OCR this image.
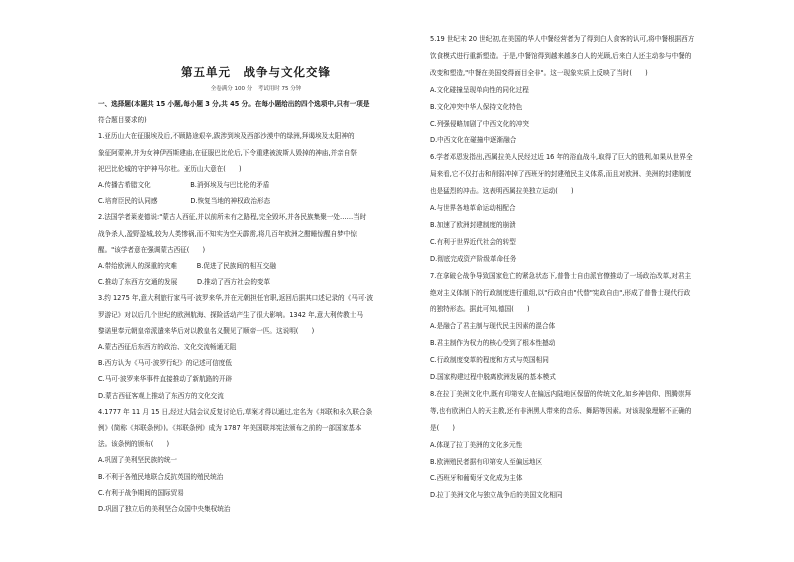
第五单元　战争与文化交锋
全卷满分 100 分　考试用时 75 分钟
一、选择题(本题共 15 小题,每小题 3 分,共 45 分。在每小题给出的四个选项中,只有一项是
符合题目要求的)
1.亚历山大在征服埃及后,不顾路途艰辛,跋涉到埃及西部沙漠中的绿洲,拜谒埃及太阳神的
象征阿蒙神,并为女神伊西斯建庙,在征服巴比伦后,下令重建被波斯人毁掉的神庙,并亲自祭
祀巴比伦城的守护神马尔杜。亚历山大意在(　　)
A.传播古希腊文化　　　　　　B.消弭埃及与巴比伦的矛盾
C.培育臣民的认同感　　　　　D.恢复当地的神权政治形态
2.法国学者莱麦德说:"蒙古人西征,并以前所未有之路程,完全毁坏,并各民族集聚一处……当时
战争杀人,盈野盈城,较为人类惨祸,而不知实为空天霹雳,将几百年欧洲之酣睡惊醒自梦中惊
醒。"该学者意在强调蒙古西征(　　)
A.带给欧洲人的深重的灾难　　　B.促进了民族间的相互交融
C.推动了东西方交通的发展　　　D.推动了西方社会的变革
3.约 1275 年,意大利旅行家马可·波罗来华,并在元朝担任官职,返回后据其口述记录的《马可·波
罗游记》对以后几个世纪的欧洲航海、探险活动产生了很大影响。1342 年,意大利传教士马
黎诺里奉元朝皇帝派遣来华后对以教皇名义觐见了顺帝一匹。这说明(　　)
A.蒙古西征后东西方的政治、文化交流畅通无阻
B.西方认为《马可·波罗行纪》的记述可信度低
C.马可·波罗来华事件直接推动了新航路的开辟
D.蒙古西征客观上推动了东西方的文化交流
4.1777 年 11 月 15 日,经过大陆会议反复讨论后,草案才得以通过,定名为《邦联和永久联合条
例》(简称《邦联条例》)。《邦联条例》成为 1787 年美国联邦宪法颁布之前的一部国家基本
法。该条例的颁布(　　)
A.巩固了美利坚民族的统一
B.不利于各殖民地联合反抗英国的殖民统治
C.有利于战争期间的国际贸易
D.巩固了独立后的美利坚合众国中央集权统治
5.19 世纪末 20 世纪初,在美国的华人中餐经营者为了得到白人食客的认可,将中餐根据西方
饮食模式进行重新塑造。于是,中餐馆得到越来越多白人的光顾,后来白人还主动参与中餐的
改变和塑造,"中餐在美国变得面目全非"。这一现象实质上反映了当时(　　)
A.文化碰撞呈现单向性的同化过程
B.文化冲突中华人保持文化特色
C.列强侵略加剧了中西文化的冲突
D.中西文化在碰撞中逐渐融合
6.学者邓恩发指出,西属拉美人民经过近 16 年的浴血战斗,取得了巨大的胜利,如果从世界全
局来看,它不仅打击和削弱冲掉了西班牙的封建殖民主义体系,而且对欧洲、美洲的封建制度
也是猛烈的冲击。这表明西属拉美独立运动(　　)
A.与世界各地革命运动相配合
B.加速了欧洲封建制度的崩溃
C.有利于世界近代社会的转型
D.彻底完成资产阶级革命任务
7.在拿破仑战争导致国家危亡的紧急状态下,普鲁士自由派官僚推动了一场政治改革,对君主
绝对主义体制下的行政制度进行重组,以"行政自由"代替"宪政自由",形成了普鲁士现代行政
的独特形态。据此可知,德国(　　)
A.是融合了君主制与现代民主因素的混合体
B.君主制作为权力的核心受到了根本性撼动
C.行政制度变革的程度和方式与英国相同
D.国家构建过程中脱离欧洲发展的基本模式
8.在拉丁美洲文化中,既有印第安人在偏远内陆地区保留的传统文化,如乡神信仰、图腾崇拜
等,也有欧洲白人的天主教,还有非洲黑人带来的音乐、舞蹈等因素。对该现象理解不正确的
是(　　)
A.体现了拉丁美洲的文化多元性
B.欧洲殖民者据有印第安人至偏远地区
C.西班牙和葡萄牙文化成为主体
D.拉丁美洲文化与独立战争后的美国文化相同
